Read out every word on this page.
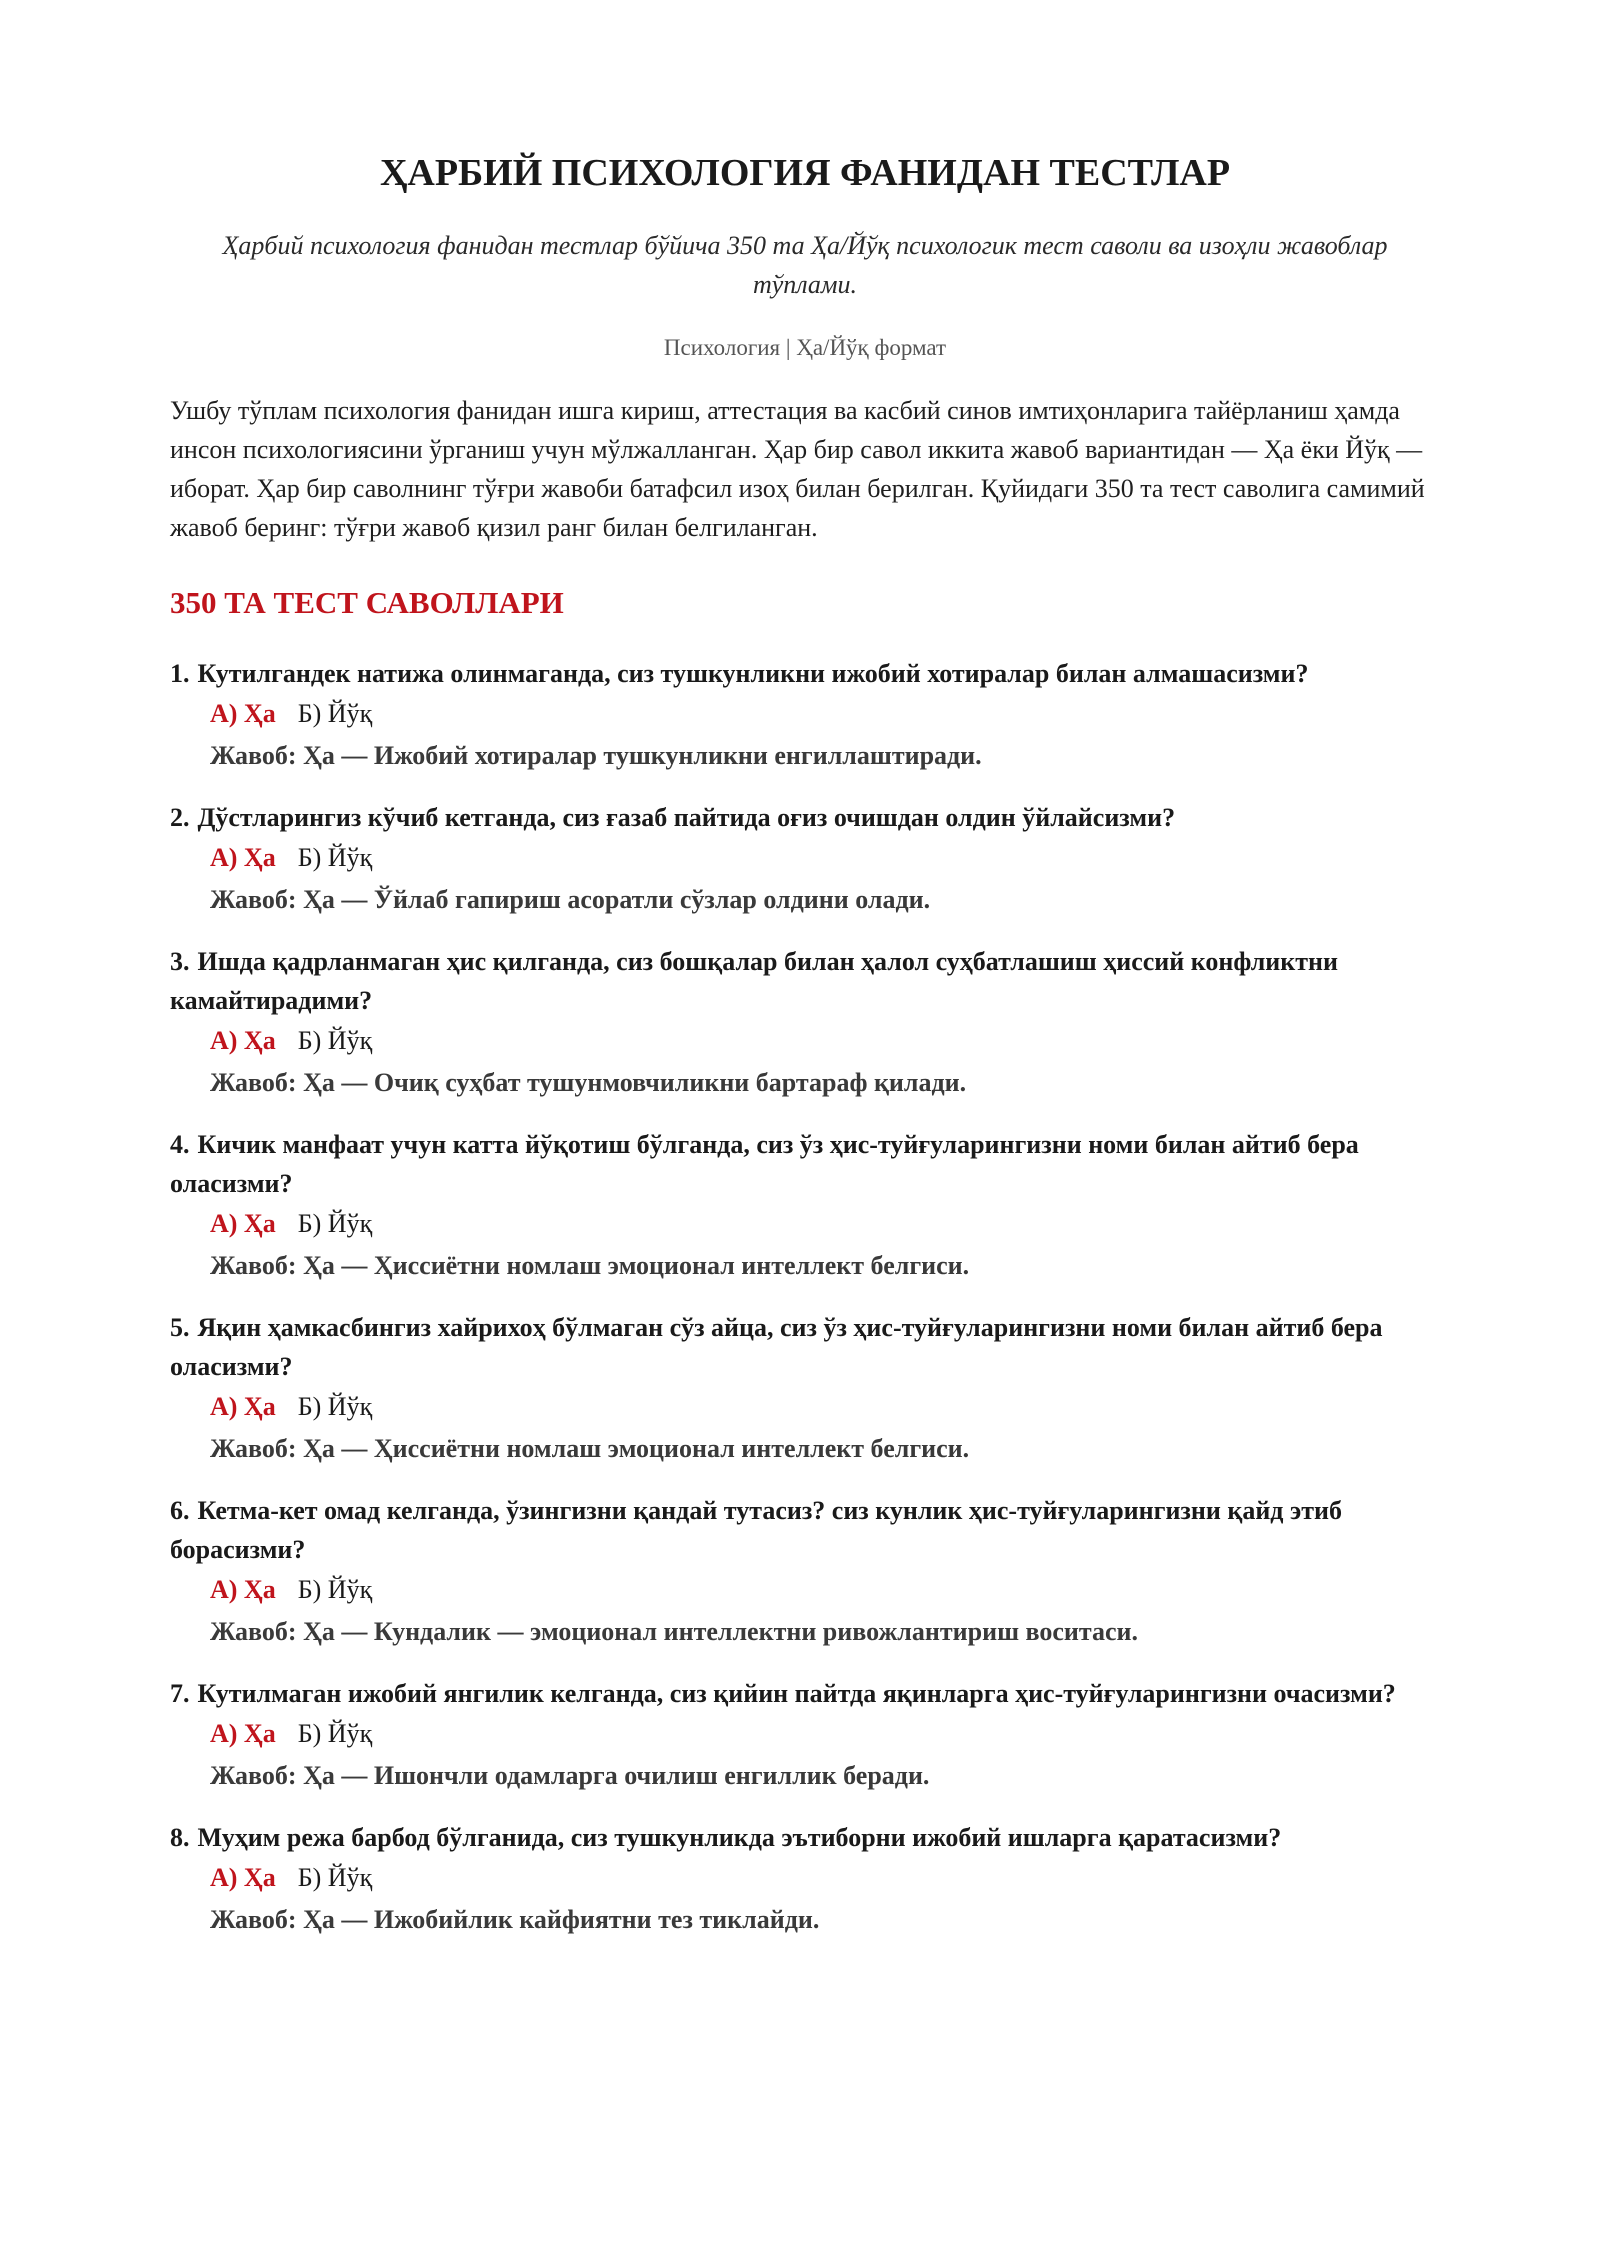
ҲАРБИЙ ПСИХОЛОГИЯ ФАНИДАН ТЕСТЛАР
Ҳарбий психология фанидан тестлар бўйича 350 та Ҳа/Йўқ психологик тест саволи ва изоҳли жавоблар тўплами.
Психология | Ҳа/Йўқ формат
Ушбу тўплам психология фанидан ишга кириш, аттестация ва касбий синов имтиҳонларига тайёрланиш ҳамда инсон психологиясини ўрганиш учун мўлжалланган. Ҳар бир савол иккита жавоб вариантидан — Ҳа ёки Йўқ — иборат. Ҳар бир саволнинг тўғри жавоби батафсил изоҳ билан берилган. Қуйидаги 350 та тест саволига самимий жавоб беринг: тўғри жавоб қизил ранг билан белгиланган.
350 ТА ТЕСТ САВОЛЛАРИ
1. Кутилгандек натижа олинмаганда, сиз тушкунликни ижобий хотиралар билан алмашасизми?
А) Ҳа Б) Йўқ
Жавоб: Ҳа — Ижобий хотиралар тушкунликни енгиллаштиради.
2. Дўстларингиз кўчиб кетганда, сиз ғазаб пайтида оғиз очишдан олдин ўйлайсизми?
А) Ҳа Б) Йўқ
Жавоб: Ҳа — Ўйлаб гапириш асоратли сўзлар олдини олади.
3. Ишда қадрланмаган ҳис қилганда, сиз бошқалар билан ҳалол суҳбатлашиш ҳиссий конфликтни камайтирадими?
А) Ҳа Б) Йўқ
Жавоб: Ҳа — Очиқ суҳбат тушунмовчиликни бартараф қилади.
4. Кичик манфаат учун катта йўқотиш бўлганда, сиз ўз ҳис-туйғуларингизни номи билан айтиб бера оласизми?
А) Ҳа Б) Йўқ
Жавоб: Ҳа — Ҳиссиётни номлаш эмоционал интеллект белгиси.
5. Яқин ҳамкасбингиз хайрихоҳ бўлмаган сўз айца, сиз ўз ҳис-туйғуларингизни номи билан айтиб бера оласизми?
А) Ҳа Б) Йўқ
Жавоб: Ҳа — Ҳиссиётни номлаш эмоционал интеллект белгиси.
6. Кетма-кет омад келганда, ўзингизни қандай тутасиз? сиз кунлик ҳис-туйғуларингизни қайд этиб борасизми?
А) Ҳа Б) Йўқ
Жавоб: Ҳа — Кундалик — эмоционал интеллектни ривожлантириш воситаси.
7. Кутилмаган ижобий янгилик келганда, сиз қийин пайтда яқинларга ҳис-туйғуларингизни очасизми?
А) Ҳа Б) Йўқ
Жавоб: Ҳа — Ишончли одамларга очилиш енгиллик беради.
8. Муҳим режа барбод бўлганида, сиз тушкунликда эътиборни ижобий ишларга қаратасизми?
А) Ҳа Б) Йўқ
Жавоб: Ҳа — Ижобийлик кайфиятни тез тиклайди.
